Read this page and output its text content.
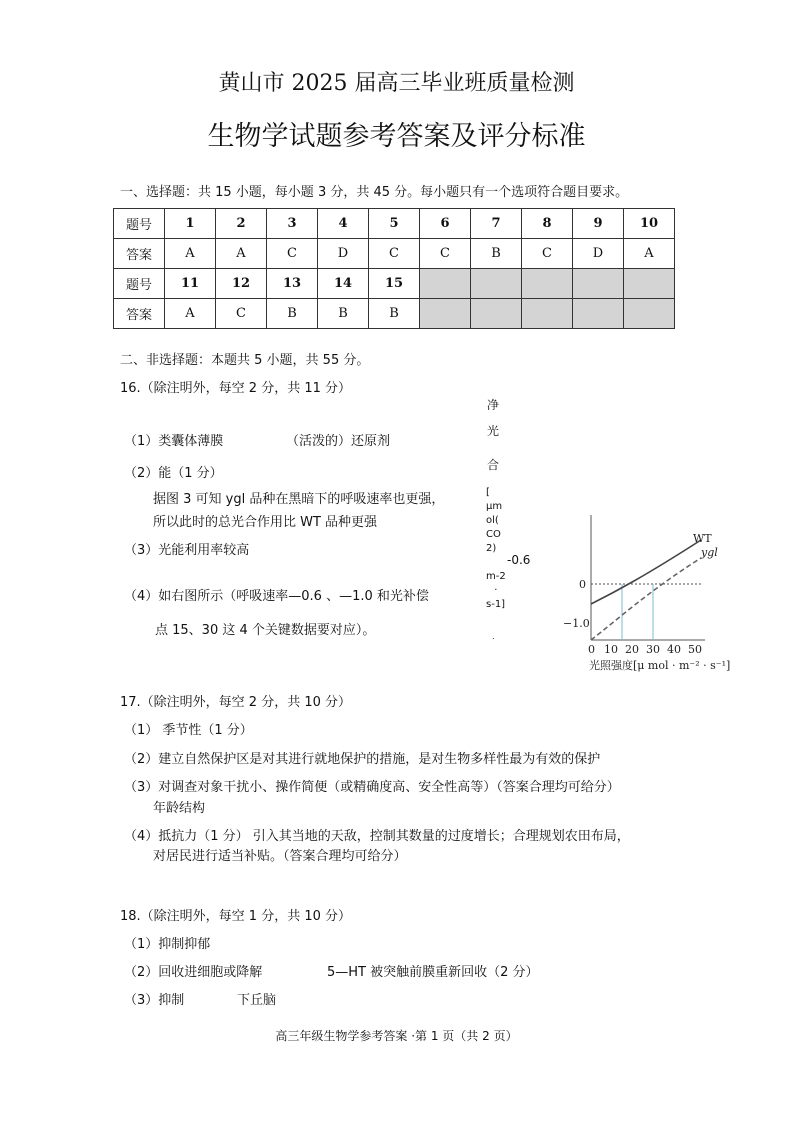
黄山市 2025 届高三毕业班质量检测
生物学试题参考答案及评分标准
一、选择题：共 15 小题，每小题 3 分，共 45 分。每小题只有一个选项符合题目要求。
题号	1	2	3	4	5	6	7	8	9	10
答案	A	A	C	D	C	C	B	C	D	A
题号	11	12	13	14	15					
答案	A	C	B	B	B					
二、非选择题：本题共 5 小题，共 55 分。
16.（除注明外，每空 2 分，共 11 分）
（1）类囊体薄膜	（活泼的）还原剂
（2）能（1 分）
据图 3 可知 ygl 品种在黑暗下的呼吸速率也更强，
所以此时的总光合作用比 WT 品种更强
（3）光能利用率较高
（4）如右图所示（呼吸速率—0.6 、—1.0 和光补偿
点 15、30 这 4 个关键数据要对应）。
净
光
合
[
μm
ol(
CO
2)
-0.6
m-2
·
s-1]
.
WT
ygl
0
−1.0
0 10 20 30 40 50
光照强度[μ mol · m⁻² · s⁻¹]
17.（除注明外，每空 2 分，共 10 分）
（1） 季节性（1 分）
（2）建立自然保护区是对其进行就地保护的措施，是对生物多样性最为有效的保护
（3）对调查对象干扰小、操作简便（或精确度高、安全性高等）（答案合理均可给分）
年龄结构
（4）抵抗力（1 分） 引入其当地的天敌，控制其数量的过度增长；合理规划农田布局，
对居民进行适当补贴。（答案合理均可给分）
18.（除注明外，每空 1 分，共 10 分）
（1）抑制抑郁
（2）回收进细胞或降解	5—HT 被突触前膜重新回收（2 分）
（3）抑制	下丘脑
高三年级生物学参考答案 ·第 1 页（共 2 页）
